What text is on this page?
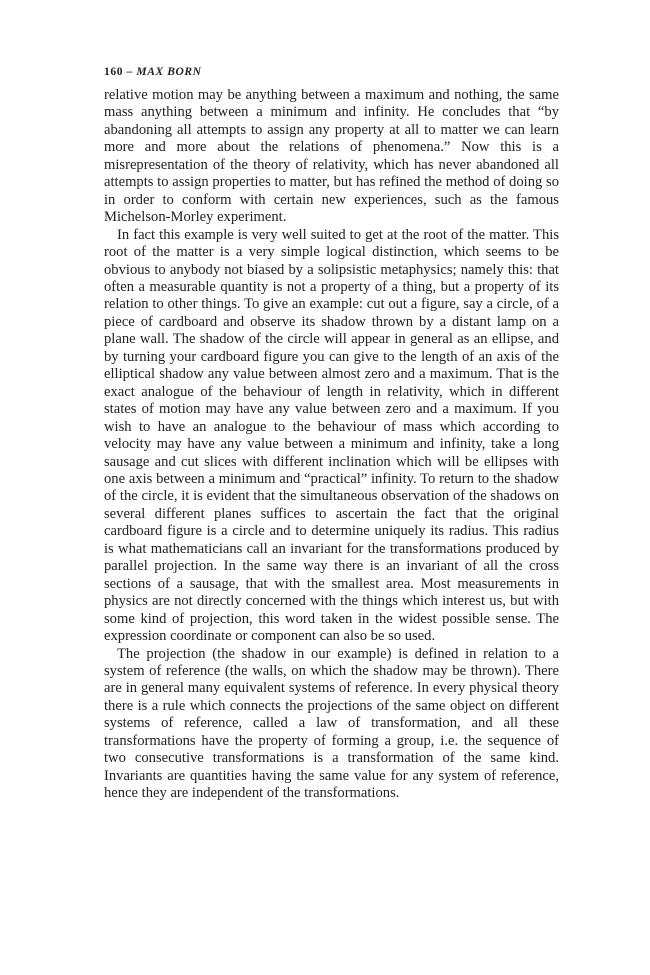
160 – MAX BORN

relative motion may be anything between a maximum and nothing, the same mass anything between a minimum and infinity. He concludes that “by abandoning all attempts to assign any property at all to matter we can learn more and more about the relations of phenomena.” Now this is a misrepresentation of the theory of relativity, which has never abandoned all attempts to assign properties to matter, but has refined the method of doing so in order to conform with certain new experiences, such as the famous Michelson-Morley experiment.

In fact this example is very well suited to get at the root of the matter. This root of the matter is a very simple logical distinction, which seems to be obvious to anybody not biased by a solipsistic metaphysics; namely this: that often a measurable quantity is not a property of a thing, but a property of its relation to other things. To give an example: cut out a figure, say a circle, of a piece of cardboard and observe its shadow thrown by a distant lamp on a plane wall. The shadow of the circle will appear in general as an ellipse, and by turning your cardboard figure you can give to the length of an axis of the elliptical shadow any value between almost zero and a maximum. That is the exact analogue of the behaviour of length in relativity, which in different states of motion may have any value between zero and a maximum. If you wish to have an analogue to the behaviour of mass which according to velocity may have any value between a minimum and infinity, take a long sausage and cut slices with different inclination which will be ellipses with one axis between a minimum and “practical” infinity. To return to the shadow of the circle, it is evident that the simultaneous observation of the shadows on several different planes suffices to ascertain the fact that the original cardboard figure is a circle and to determine uniquely its radius. This radius is what mathematicians call an invariant for the transformations produced by parallel projection. In the same way there is an invariant of all the cross sections of a sausage, that with the smallest area. Most measurements in physics are not directly concerned with the things which interest us, but with some kind of projection, this word taken in the widest possible sense. The expression coordinate or component can also be so used.

The projection (the shadow in our example) is defined in relation to a system of reference (the walls, on which the shadow may be thrown). There are in general many equivalent systems of reference. In every physical theory there is a rule which connects the projections of the same object on different systems of reference, called a law of transformation, and all these transformations have the property of forming a group, i.e. the sequence of two consecutive transformations is a transformation of the same kind. Invariants are quantities having the same value for any system of reference, hence they are independent of the transformations.
